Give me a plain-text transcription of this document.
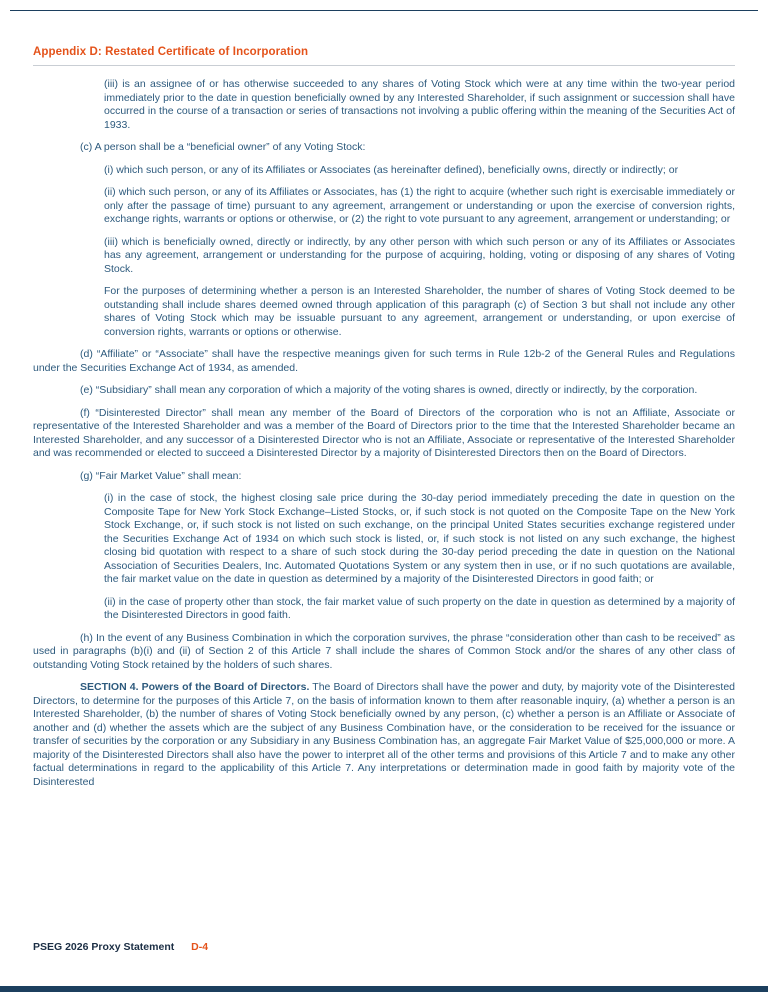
Appendix D: Restated Certificate of Incorporation

(iii) is an assignee of or has otherwise succeeded to any shares of Voting Stock which were at any time within the two-year period immediately prior to the date in question beneficially owned by any Interested Shareholder, if such assignment or succession shall have occurred in the course of a transaction or series of transactions not involving a public offering within the meaning of the Securities Act of 1933.

(c) A person shall be a “beneficial owner” of any Voting Stock:

(i) which such person, or any of its Affiliates or Associates (as hereinafter defined), beneficially owns, directly or indirectly; or

(ii) which such person, or any of its Affiliates or Associates, has (1) the right to acquire (whether such right is exercisable immediately or only after the passage of time) pursuant to any agreement, arrangement or understanding or upon the exercise of conversion rights, exchange rights, warrants or options or otherwise, or (2) the right to vote pursuant to any agreement, arrangement or understanding; or

(iii) which is beneficially owned, directly or indirectly, by any other person with which such person or any of its Affiliates or Associates has any agreement, arrangement or understanding for the purpose of acquiring, holding, voting or disposing of any shares of Voting Stock.

For the purposes of determining whether a person is an Interested Shareholder, the number of shares of Voting Stock deemed to be outstanding shall include shares deemed owned through application of this paragraph (c) of Section 3 but shall not include any other shares of Voting Stock which may be issuable pursuant to any agreement, arrangement or understanding, or upon exercise of conversion rights, warrants or options or otherwise.

(d) “Affiliate” or “Associate” shall have the respective meanings given for such terms in Rule 12b-2 of the General Rules and Regulations under the Securities Exchange Act of 1934, as amended.

(e) “Subsidiary” shall mean any corporation of which a majority of the voting shares is owned, directly or indirectly, by the corporation.

(f) “Disinterested Director” shall mean any member of the Board of Directors of the corporation who is not an Affiliate, Associate or representative of the Interested Shareholder and was a member of the Board of Directors prior to the time that the Interested Shareholder became an Interested Shareholder, and any successor of a Disinterested Director who is not an Affiliate, Associate or representative of the Interested Shareholder and was recommended or elected to succeed a Disinterested Director by a majority of Disinterested Directors then on the Board of Directors.

(g) “Fair Market Value” shall mean:

(i) in the case of stock, the highest closing sale price during the 30-day period immediately preceding the date in question on the Composite Tape for New York Stock Exchange–Listed Stocks, or, if such stock is not quoted on the Composite Tape on the New York Stock Exchange, or, if such stock is not listed on such exchange, on the principal United States securities exchange registered under the Securities Exchange Act of 1934 on which such stock is listed, or, if such stock is not listed on any such exchange, the highest closing bid quotation with respect to a share of such stock during the 30-day period preceding the date in question on the National Association of Securities Dealers, Inc. Automated Quotations System or any system then in use, or if no such quotations are available, the fair market value on the date in question as determined by a majority of the Disinterested Directors in good faith; or

(ii) in the case of property other than stock, the fair market value of such property on the date in question as determined by a majority of the Disinterested Directors in good faith.

(h) In the event of any Business Combination in which the corporation survives, the phrase “consideration other than cash to be received” as used in paragraphs (b)(i) and (ii) of Section 2 of this Article 7 shall include the shares of Common Stock and/or the shares of any other class of outstanding Voting Stock retained by the holders of such shares.

SECTION 4. Powers of the Board of Directors. The Board of Directors shall have the power and duty, by majority vote of the Disinterested Directors, to determine for the purposes of this Article 7, on the basis of information known to them after reasonable inquiry, (a) whether a person is an Interested Shareholder, (b) the number of shares of Voting Stock beneficially owned by any person, (c) whether a person is an Affiliate or Associate of another and (d) whether the assets which are the subject of any Business Combination have, or the consideration to be received for the issuance or transfer of securities by the corporation or any Subsidiary in any Business Combination has, an aggregate Fair Market Value of $25,000,000 or more. A majority of the Disinterested Directors shall also have the power to interpret all of the other terms and provisions of this Article 7 and to make any other factual determinations in regard to the applicability of this Article 7. Any interpretations or determination made in good faith by majority vote of the Disinterested

PSEG 2026 Proxy Statement D-4
